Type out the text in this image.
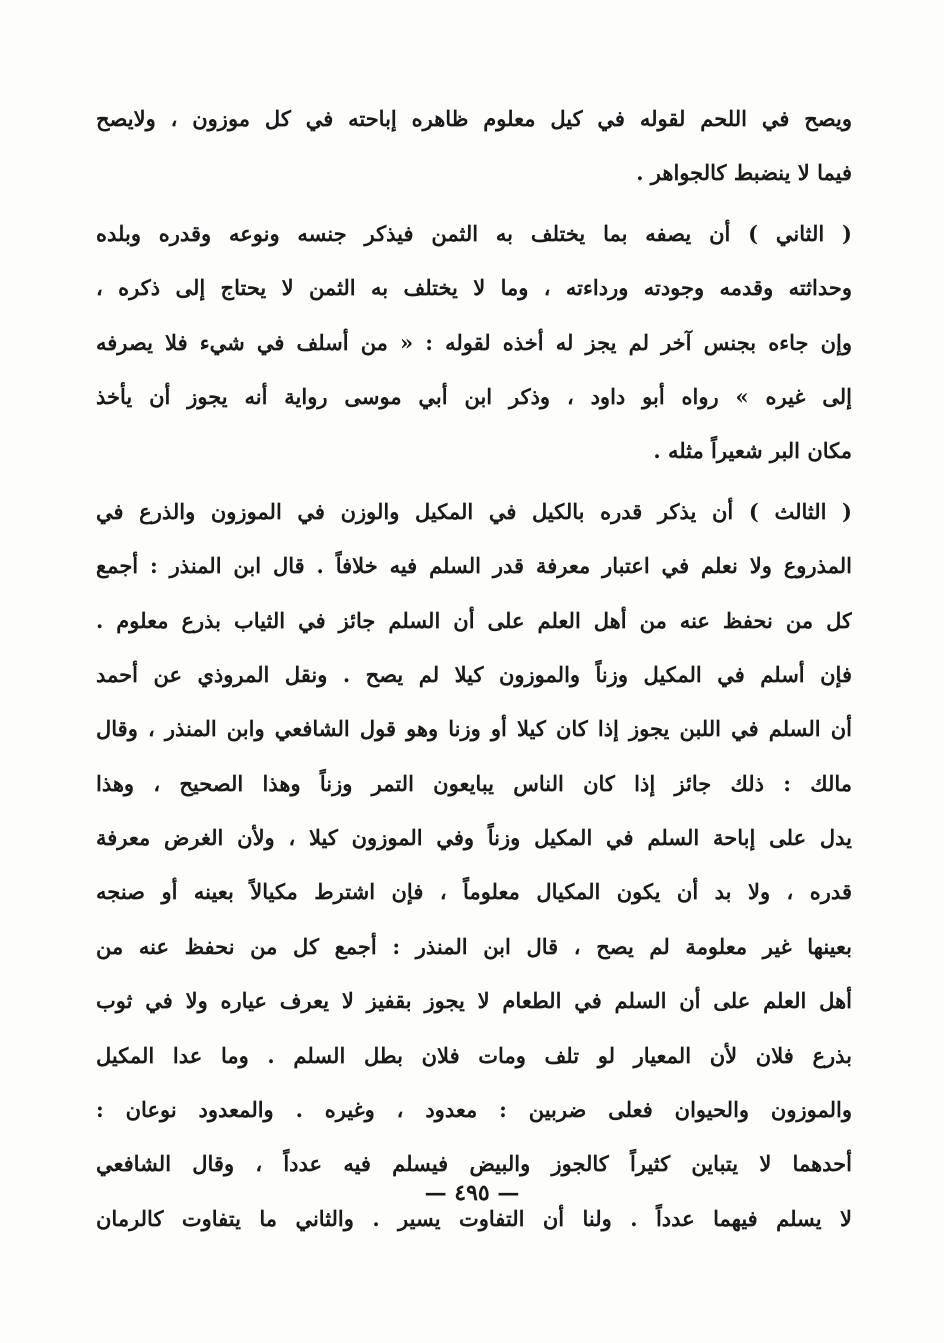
ويصح في اللحم لقوله في كيل معلوم ظاهره إباحته في كل موزون ، ولايصح
فيما لا ينضبط كالجواهر .
( الثاني ) أن يصفه بما يختلف به الثمن فيذكر جنسه ونوعه وقدره وبلده
وحداثته وقدمه وجودته ورداءته ، وما لا يختلف به الثمن لا يحتاج إلى ذكره ،
وإن جاءه بجنس آخر لم يجز له أخذه لقوله : « من أسلف في شيء فلا يصرفه
إلى غيره » رواه أبو داود ، وذكر ابن أبي موسى رواية أنه يجوز أن يأخذ
مكان البر شعيراً مثله .
( الثالث ) أن يذكر قدره بالكيل في المكيل والوزن في الموزون والذرع في
المذروع ولا نعلم في اعتبار معرفة قدر السلم فيه خلافاً . قال ابن المنذر : أجمع
كل من نحفظ عنه من أهل العلم على أن السلم جائز في الثياب بذرع معلوم .
فإن أسلم في المكيل وزناً والموزون كيلا لم يصح . ونقل المروذي عن أحمد
أن السلم في اللبن يجوز إذا كان كيلا أو وزنا وهو قول الشافعي وابن المنذر ، وقال
مالك : ذلك جائز إذا كان الناس يبايعون التمر وزناً وهذا الصحيح ، وهذا
يدل على إباحة السلم في المكيل وزناً وفي الموزون كيلا ، ولأن الغرض معرفة
قدره ، ولا بد أن يكون المكيال معلوماً ، فإن اشترط مكيالاً بعينه أو صنجه
بعينها غير معلومة لم يصح ، قال ابن المنذر : أجمع كل من نحفظ عنه من
أهل العلم على أن السلم في الطعام لا يجوز بقفيز لا يعرف عياره ولا في ثوب
بذرع فلان لأن المعيار لو تلف ومات فلان بطل السلم . وما عدا المكيل
والموزون والحيوان فعلى ضربين : معدود ، وغيره . والمعدود نوعان :
أحدهما لا يتباين كثيراً كالجوز والبيض فيسلم فيه عدداً ، وقال الشافعي
لا يسلم فيهما عدداً . ولنا أن التفاوت يسير . والثاني ما يتفاوت كالرمان
— ٤٩٥ —
